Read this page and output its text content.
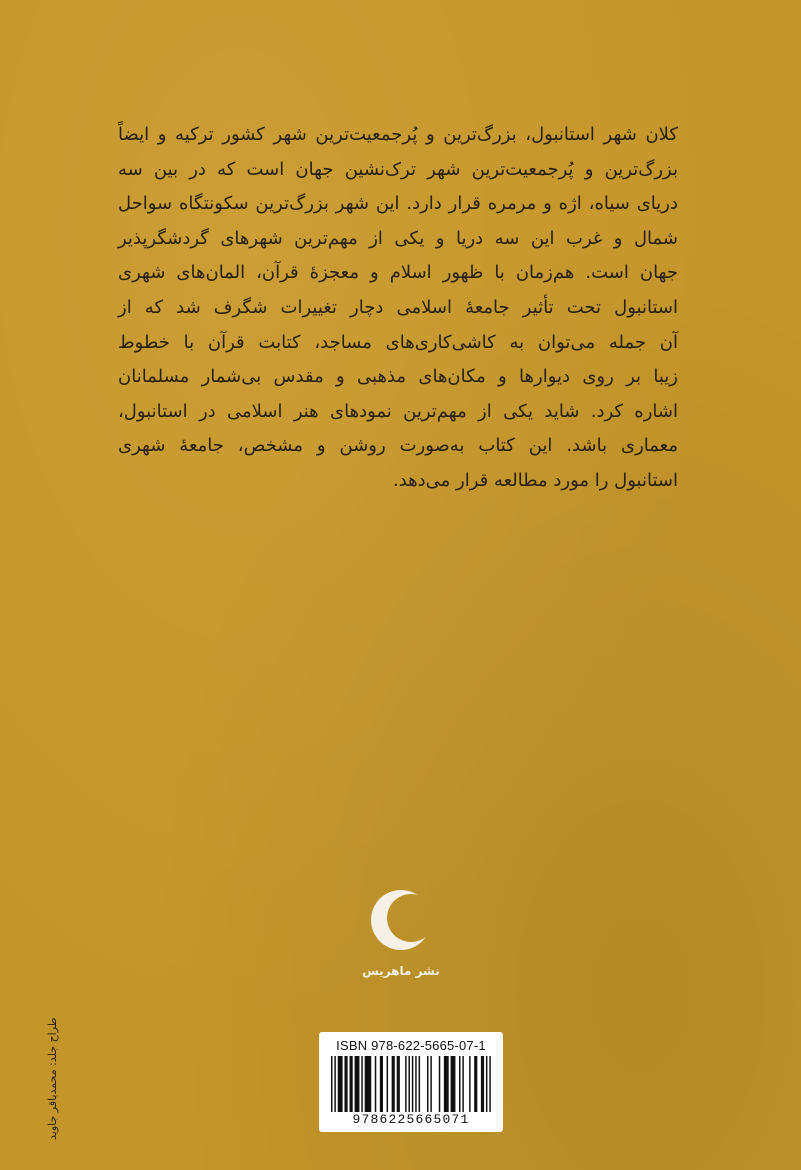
کلان شهر استانبول، بزرگ‌ترین و پُرجمعیت‌ترین شهر کشور ترکیه و ایضاً
بزرگ‌ترین و پُرجمعیت‌ترین شهر ترک‌نشین جهان است که در بین سه
دریای سیاه، اژه و مرمره قرار دارد. این شهر بزرگ‌ترین سکونتگاه سواحل
شمال و غرب این سه دریا و یکی از مهم‌ترین شهرهای گردشگرپذیر
جهان است. هم‌زمان با ظهور اسلام و معجزهٔ قرآن، المان‌های شهری
استانبول تحت تأثیر جامعهٔ اسلامی دچار تغییرات شگرف شد که از
آن جمله می‌توان به کاشی‌کاری‌های مساجد، کتابت قرآن با خطوط
زیبا بر روی دیوارها و مکان‌های مذهبی و مقدس بی‌شمار مسلمانان
اشاره کرد. شاید یکی از مهم‌ترین نمودهای هنر اسلامی در استانبول،
معماری باشد. این کتاب به‌صورت روشن و مشخص، جامعهٔ شهری
استانبول را مورد مطالعه قرار می‌دهد.
نشر ماهریس
ISBN 978-622-5665-07-1
9786225665071
طراح جلد: محمدباقر جاوید
